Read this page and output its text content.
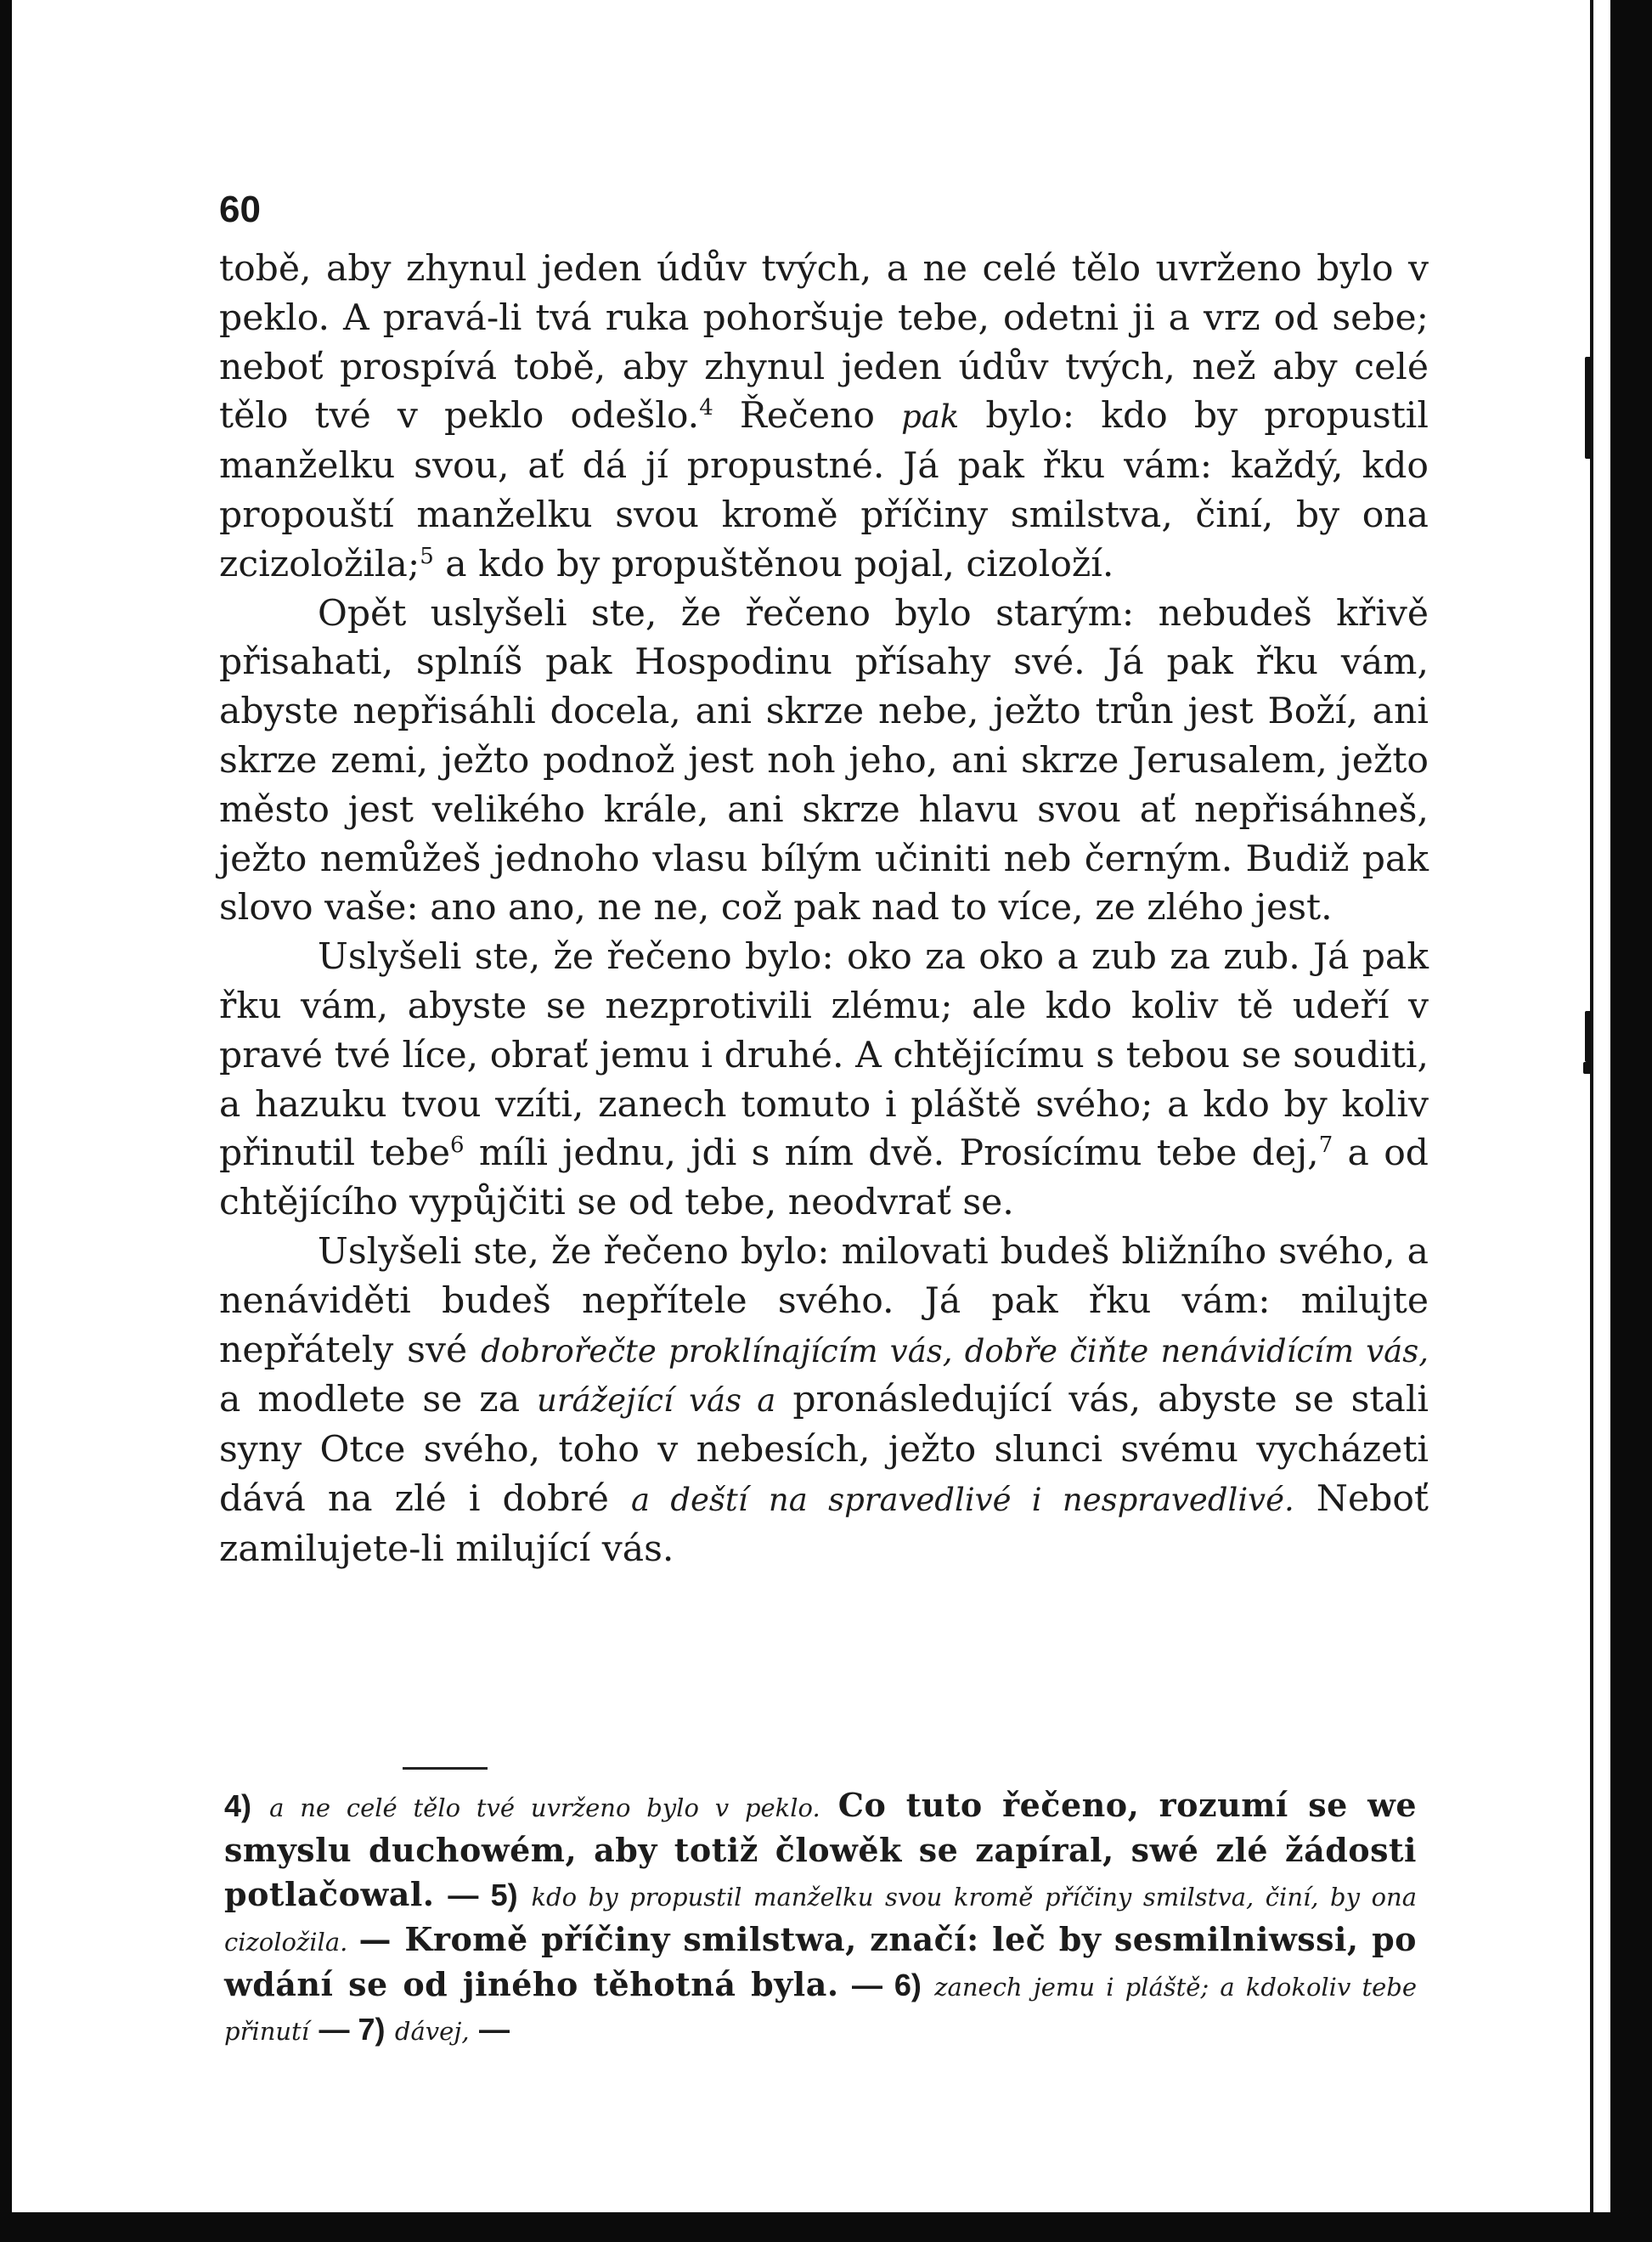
60

tobě, aby zhynul jeden údův tvých, a ne celé tělo uvrženo bylo v peklo. A pravá-li tvá ruka pohoršuje tebe, odetni ji a vrz od sebe; neboť prospívá tobě, aby zhynul jeden údův tvých, než aby celé tělo tvé v peklo odešlo.$^4$ Řečeno pak bylo: kdo by propustil manželku svou, ať dá jí propustné. Já pak řku vám: každý, kdo propouští manželku svou kromě příčiny smilstva, činí, by ona zcizoložila;$^5$ a kdo by propuštěnou pojal, cizoloží.

Opět uslyšeli ste, že řečeno bylo starým: nebudeš křivě přisahati, splníš pak Hospodinu přísahy své. Já pak řku vám, abyste nepřisáhli docela, ani skrze nebe, ježto trůn jest Boží, ani skrze zemi, ježto podnož jest noh jeho, ani skrze Jerusalem, ježto město jest velikého krále, ani skrze hlavu svou ať nepřisáhneš, ježto nemůžeš jednoho vlasu bílým učiniti neb černým. Budiž pak slovo vaše: ano ano, ne ne, což pak nad to více, ze zlého jest.

Uslyšeli ste, že řečeno bylo: oko za oko a zub za zub. Já pak řku vám, abyste se nezprotivili zlému; ale kdo koliv tě udeří v pravé tvé líce, obrať jemu i druhé. A chtějícímu s tebou se souditi, a hazuku tvou vzíti, zanech tomuto i pláště svého; a kdo by koliv přinutil tebe$^6$ míli jednu, jdi s ním dvě. Prosícímu tebe dej,$^7$ a od chtějícího vypůjčiti se od tebe, neodvrať se.

Uslyšeli ste, že řečeno bylo: milovati budeš bližního svého, a nenáviděti budeš nepřítele svého. Já pak řku vám: milujte nepřátely své dobrořečte proklínajícím vás, dobře čiňte nenávidícím vás, a modlete se za urážející vás a pronásledující vás, abyste se stali syny Otce svého, toho v nebesích, ježto slunci svému vycházeti dává na zlé i dobré a deští na spravedlivé i nespravedlivé. Neboť zamilujete-li milující vás.

4) a ne celé tělo tvé uvrženo bylo v peklo. Co tuto řečeno, rozumí se we smyslu duchowém, aby totiž člowěk se zapíral, swé zlé žádosti potlačowal. — 5) kdo by propustil manželku svou kromě příčiny smilstva, činí, by ona cizoložila. — Kromě příčiny smilstwa, značí: leč by sesmilniwssi, po wdání se od jiného těhotná byla. — 6) zanech jemu i pláště; a kdokoliv tebe přinutí — 7) dávej, —
